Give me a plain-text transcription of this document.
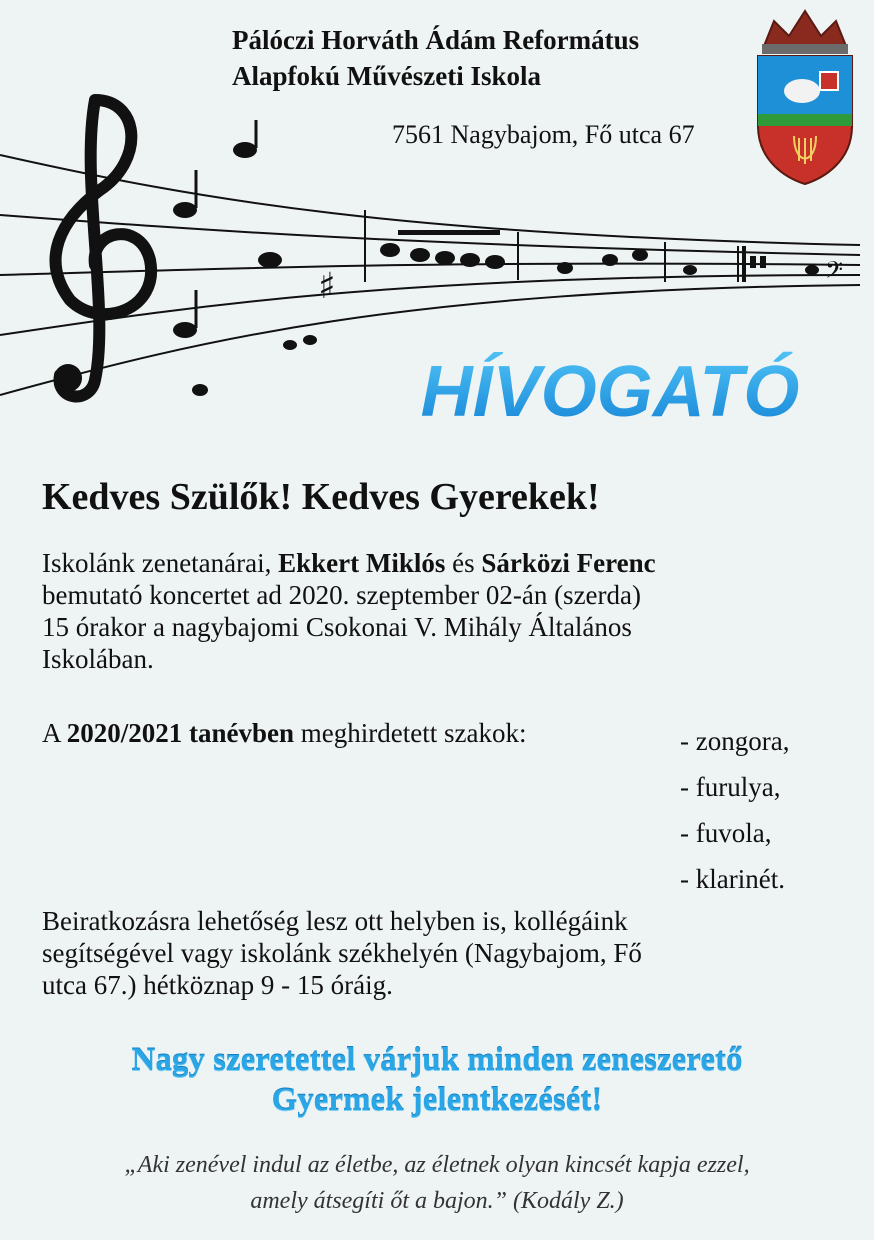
♯	𝄢
Pálóczi Horváth Ádám Református
Alapfokú Művészeti Iskola

7561 Nagybajom, Fő utca 67

HÍVOGATÓ
Kedves Szülők! Kedves Gyerekek!
Iskolánk zenetanárai, Ekkert Miklós és Sárközi Ferenc
bemutató koncertet ad 2020. szeptember 02-án (szerda)
15 órakor a nagybajomi Csokonai V. Mihály Általános
Iskolában.
A 2020/2021 tanévben meghirdetett szakok:	- zongora,
- furulya,
- fuvola,
- klarinét.
Beiratkozásra lehetőség lesz ott helyben is, kollégáink
segítségével vagy iskolánk székhelyén (Nagybajom, Fő
utca 67.) hétköznap 9 - 15 óráig.
Nagy szeretettel várjuk minden zeneszerető
Gyermek jelentkezését!
„Aki zenével indul az életbe, az életnek olyan kincsét kapja ezzel,
amely átsegíti őt a bajon.” (Kodály Z.)
